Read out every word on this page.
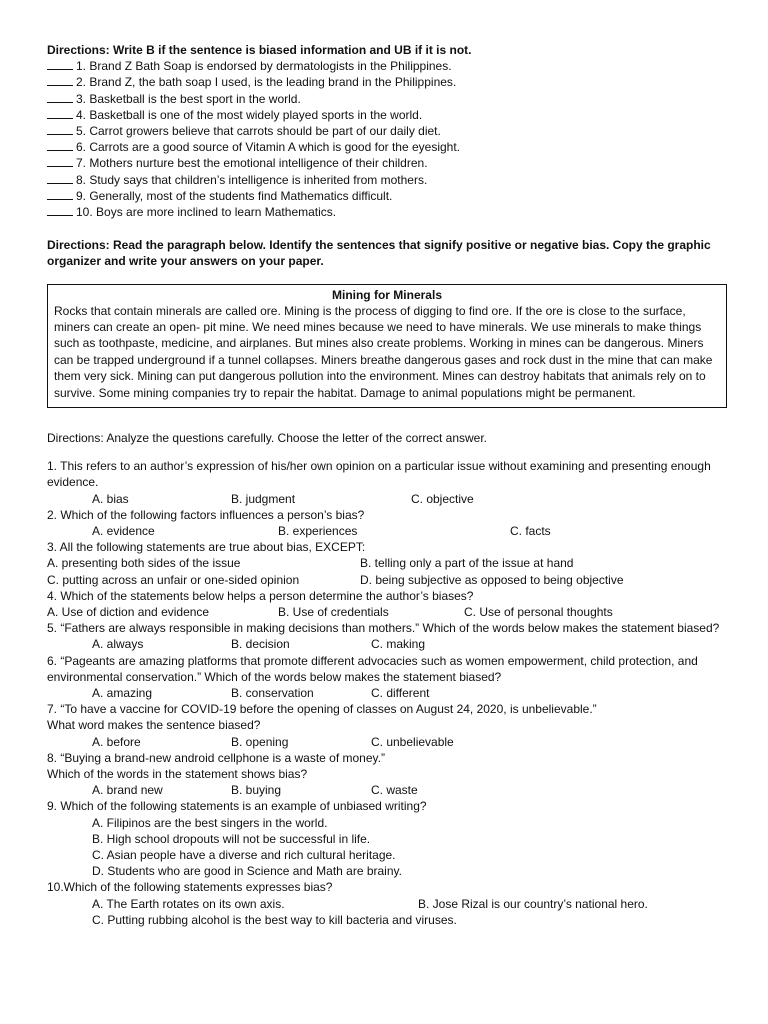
Directions: Write B if the sentence is biased information and UB if it is not.
1. Brand Z Bath Soap is endorsed by dermatologists in the Philippines.
2. Brand Z, the bath soap I used, is the leading brand in the Philippines.
3. Basketball is the best sport in the world.
4. Basketball is one of the most widely played sports in the world.
5. Carrot growers believe that carrots should be part of our daily diet.
6. Carrots are a good source of Vitamin A which is good for the eyesight.
7. Mothers nurture best the emotional intelligence of their children.
8. Study says that children’s intelligence is inherited from mothers.
9. Generally, most of the students find Mathematics difficult.
10. Boys are more inclined to learn Mathematics.
Directions: Read the paragraph below. Identify the sentences that signify positive or negative bias. Copy the graphic organizer and write your answers on your paper.
Mining for Minerals
Rocks that contain minerals are called ore. Mining is the process of digging to find ore. If the ore is close to the surface, miners can create an open- pit mine. We need mines because we need to have minerals. We use minerals to make things such as toothpaste, medicine, and airplanes. But mines also create problems. Working in mines can be dangerous. Miners can be trapped underground if a tunnel collapses. Miners breathe dangerous gases and rock dust in the mine that can make them very sick. Mining can put dangerous pollution into the environment. Mines can destroy habitats that animals rely on to survive. Some mining companies try to repair the habitat. Damage to animal populations might be permanent.
Directions: Analyze the questions carefully. Choose the letter of the correct answer.
1. This refers to an author’s expression of his/her own opinion on a particular issue without examining and presenting enough evidence.
A. bias	B. judgment	C. objective
2. Which of the following factors influences a person’s bias?
A. evidence	B. experiences	C. facts
3. All the following statements are true about bias, EXCEPT:
A. presenting both sides of the issue	B. telling only a part of the issue at hand
C. putting across an unfair or one-sided opinion	D. being subjective as opposed to being objective
4. Which of the statements below helps a person determine the author’s biases?
A. Use of diction and evidence	B. Use of credentials	C. Use of personal thoughts
5. “Fathers are always responsible in making decisions than mothers.” Which of the words below makes the statement biased?
A. always	B. decision	C. making
6. “Pageants are amazing platforms that promote different advocacies such as women empowerment, child protection, and environmental conservation.” Which of the words below makes the statement biased?
A. amazing	B. conservation	C. different
7. “To have a vaccine for COVID-19 before the opening of classes on August 24, 2020, is unbelievable.”
What word makes the sentence biased?
A. before	B. opening	C. unbelievable
8. “Buying a brand-new android cellphone is a waste of money.”
Which of the words in the statement shows bias?
A. brand new	B. buying	C. waste
9. Which of the following statements is an example of unbiased writing?
A. Filipinos are the best singers in the world.
B. High school dropouts will not be successful in life.
C. Asian people have a diverse and rich cultural heritage.
D. Students who are good in Science and Math are brainy.
10.Which of the following statements expresses bias?
A. The Earth rotates on its own axis.	B. Jose Rizal is our country’s national hero.
C. Putting rubbing alcohol is the best way to kill bacteria and viruses.
